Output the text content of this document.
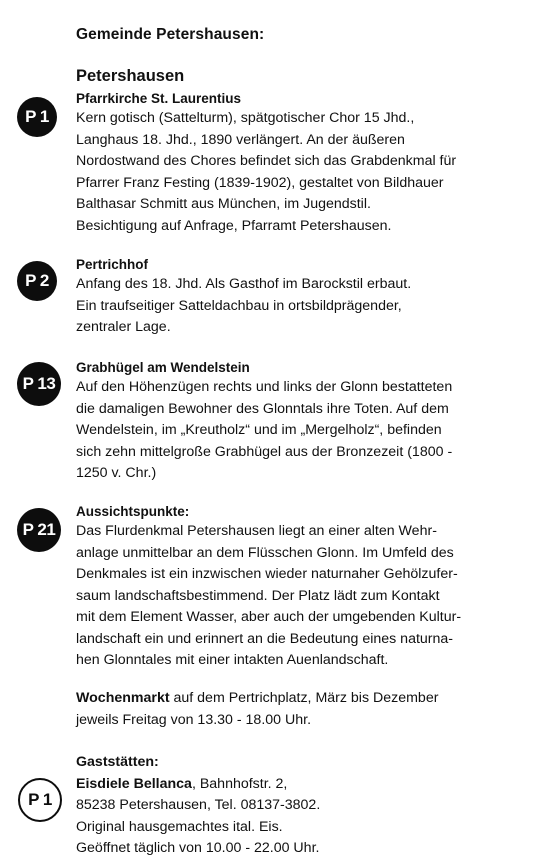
Gemeinde Petershausen:
Petershausen
P 1
Pfarrkirche St. Laurentius
Kern gotisch (Sattelturm), spätgotischer Chor 15 Jhd.,
Langhaus 18. Jhd., 1890 verlängert. An der äußeren
Nordostwand des Chores befindet sich das Grabdenkmal für
Pfarrer Franz Festing (1839-1902), gestaltet von Bildhauer
Balthasar Schmitt aus München, im Jugendstil.
Besichtigung auf Anfrage, Pfarramt Petershausen.
P 2
Pertrichhof
Anfang des 18. Jhd. Als Gasthof im Barockstil erbaut.
Ein traufseitiger Satteldachbau in ortsbildprägender,
zentraler Lage.
P 13
Grabhügel am Wendelstein
Auf den Höhenzügen rechts und links der Glonn bestatteten
die damaligen Bewohner des Glonntals ihre Toten. Auf dem
Wendelstein, im „Kreutholz“ und im „Mergelholz“, befinden
sich zehn mittelgroße Grabhügel aus der Bronzezeit (1800 -
1250 v. Chr.)
P 21
Aussichtspunkte:
Das Flurdenkmal Petershausen liegt an einer alten Wehr-
anlage unmittelbar an dem Flüsschen Glonn. Im Umfeld des
Denkmales ist ein inzwischen wieder naturnaher Gehölzufer-
saum landschaftsbestimmend. Der Platz lädt zum Kontakt
mit dem Element Wasser, aber auch der umgebenden Kultur-
landschaft ein und erinnert an die Bedeutung eines naturna-
hen Glonntales mit einer intakten Auenlandschaft.
Wochenmarkt auf dem Pertrichplatz, März bis Dezember
jeweils Freitag von 13.30 - 18.00 Uhr.
Gaststätten:
Eisdiele Bellanca, Bahnhofstr. 2,
85238 Petershausen, Tel. 08137-3802.
Original hausgemachtes ital. Eis.
Geöffnet täglich von 10.00 - 22.00 Uhr.
P 1
